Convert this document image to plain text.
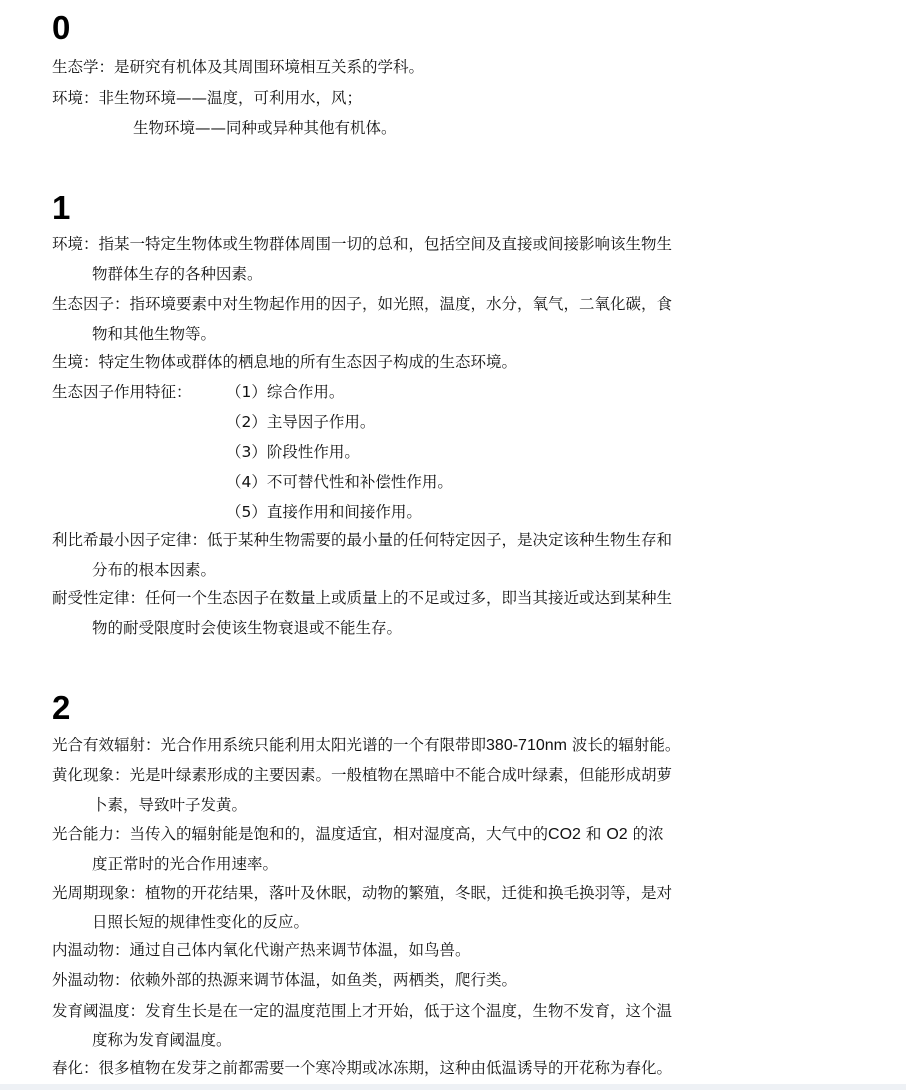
0
生态学：是研究有机体及其周围环境相互关系的学科。
环境：非生物环境——温度，可利用水，风；
生物环境——同种或异种其他有机体。
1
环境：指某一特定生物体或生物群体周围一切的总和，包括空间及直接或间接影响该生物生
物群体生存的各种因素。
生态因子：指环境要素中对生物起作用的因子，如光照，温度，水分，氧气，二氧化碳，食
物和其他生物等。
生境：特定生物体或群体的栖息地的所有生态因子构成的生态环境。
生态因子作用特征： （1）综合作用。
（2）主导因子作用。
（3）阶段性作用。
（4）不可替代性和补偿性作用。
（5）直接作用和间接作用。
利比希最小因子定律：低于某种生物需要的最小量的任何特定因子，是决定该种生物生存和
分布的根本因素。
耐受性定律：任何一个生态因子在数量上或质量上的不足或过多，即当其接近或达到某种生
物的耐受限度时会使该生物衰退或不能生存。
2
光合有效辐射：光合作用系统只能利用太阳光谱的一个有限带即380-710nm 波长的辐射能。
黄化现象：光是叶绿素形成的主要因素。一般植物在黑暗中不能合成叶绿素，但能形成胡萝
卜素，导致叶子发黄。
光合能力：当传入的辐射能是饱和的，温度适宜，相对湿度高，大气中的CO2 和 O2 的浓
度正常时的光合作用速率。
光周期现象：植物的开花结果，落叶及休眠，动物的繁殖，冬眠，迁徙和换毛换羽等，是对
日照长短的规律性变化的反应。
内温动物：通过自己体内氧化代谢产热来调节体温，如鸟兽。
外温动物：依赖外部的热源来调节体温，如鱼类，两栖类，爬行类。
发育阈温度：发育生长是在一定的温度范围上才开始，低于这个温度，生物不发育，这个温
度称为发育阈温度。
春化：很多植物在发芽之前都需要一个寒冷期或冰冻期，这种由低温诱导的开花称为春化。
